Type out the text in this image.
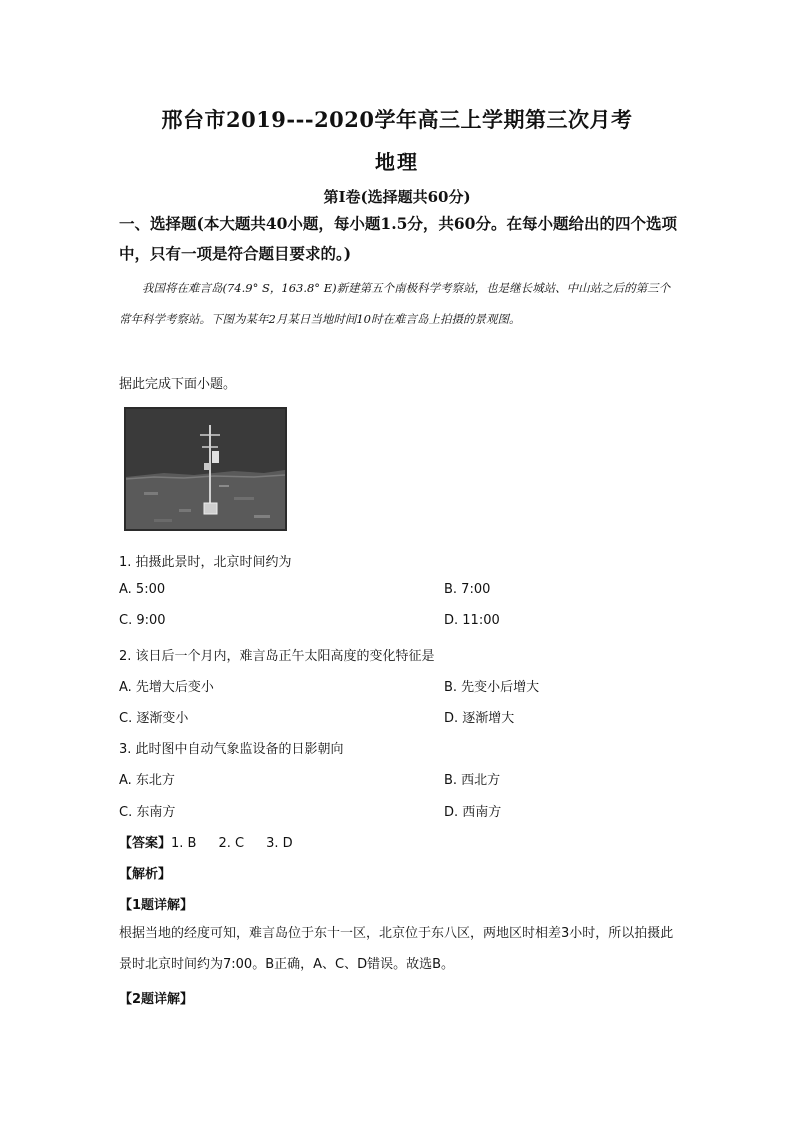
邢台市2019---2020学年高三上学期第三次月考
地理
第Ⅰ卷(选择题共60分)
一、选择题(本大题共40小题，每小题1.5分，共60分。在每小题给出的四个选项中，只有一项是符合题目要求的。)
我国将在难言岛(74.9° S，163.8° E)新建第五个南极科学考察站，也是继长城站、中山站之后的第三个常年科学考察站。下图为某年2月某日当地时间10时在难言岛上拍摄的景观图。
据此完成下面小题。
1. 拍摄此景时，北京时间约为
A. 5:00	B. 7:00
C. 9:00	D. 11:00
2. 该日后一个月内，难言岛正午太阳高度的变化特征是
A. 先增大后变小	B. 先变小后增大
C. 逐渐变小	D. 逐渐增大
3. 此时图中自动气象监设备的日影朝向
A. 东北方	B. 西北方
C. 东南方	D. 西南方
【答案】1. B 2. C 3. D
【解析】
【1题详解】
根据当地的经度可知，难言岛位于东十一区，北京位于东八区，两地区时相差3小时，所以拍摄此景时北京时间约为7:00。B正确，A、C、D错误。故选B。
【2题详解】
